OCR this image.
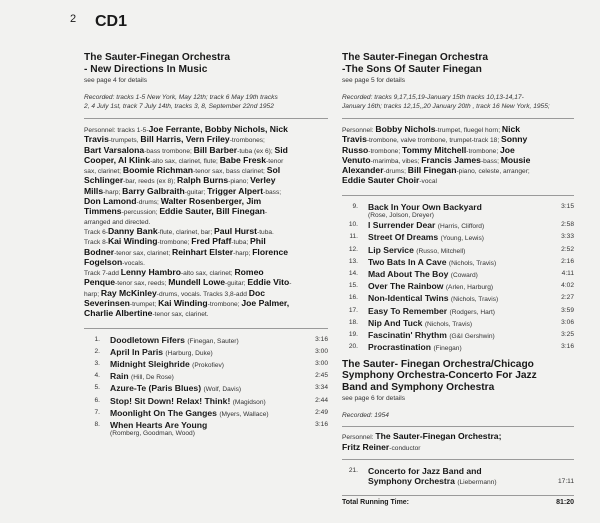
2 CD1
The Sauter-Finegan Orchestra
- New Directions In Music
see page 4 for details
Recorded: tracks 1-5 New York, May 12th; track 6 May 19th tracks
2, 4 July 1st, track 7 July 14th, tracks 3, 8, September 22nd 1952
Personnel: tracks 1-5-Joe Ferrante, Bobby Nichols, Nick
Travis-trumpets, Bill Harris, Vern Friley-trombones;
Bart Varsalona-bass trombone; Bill Barber-tuba (ex 6); Sid
Cooper, Al Klink-alto sax, clarinet, flute; Babe Fresk-tenor
sax, clarinet; Boomie Richman-tenor sax, bass clarinet; Sol
Schlinger-bar, reeds (ex 8); Ralph Burns-piano; Verley
Mills-harp; Barry Galbraith-guitar; Trigger Alpert-bass;
Don Lamond-drums; Walter Rosenberger, Jim
Timmens-percussion; Eddie Sauter, Bill Finegan-
arranged and directed.
Track 6-Danny Bank-flute, clarinet, bar; Paul Hurst-tuba.
Track 8-Kai Winding-trombone; Fred Pfaff-tuba; Phil
Bodner-tenor sax, clarinet; Reinhart Elster-harp; Florence
Fogelson-vocals.
Track 7-add Lenny Hambro-alto sax, clarinet; Romeo
Penque-tenor sax, reeds; Mundell Lowe-guitar; Eddie Vito-
harp; Ray McKinley-drums, vocals. Tracks 3,8-add Doc
Severinsen-trumpet; Kai Winding-trombone; Joe Palmer,
Charlie Albertine-tenor sax, clarinet.
1. Doodletown Fifers (Finegan, Sauter)	3:16
2. April In Paris (Harburg, Duke)	3:00
3. Midnight Sleighride (Prokofiev)	3:00
4. Rain (Hill, De Rose)	2:45
5. Azure-Te (Paris Blues) (Wolf, Davis)	3:34
6. Stop! Sit Down! Relax! Think! (Magidson)	2:44
7. Moonlight On The Ganges (Myers, Wallace)	2:49
8. When Hearts Are Young	3:16
(Romberg, Goodman, Wood)
The Sauter-Finegan Orchestra
-The Sons Of Sauter Finegan
see page 5 for details
Recorded: tracks 9,17,15,19-January 15th tracks 10,13-14,17-
January 16th; tracks 12,15,,20 January 20th , track 16 New York, 1955;
Personnel: Bobby Nichols-trumpet, fluegel horn; Nick
Travis-trombone, valve trombone, trumpet-track 18; Sonny
Russo-trombone; Tommy Mitchell-trombone; Joe
Venuto-marimba, vibes; Francis James-bass; Mousie
Alexander-drums; Bill Finegan-piano, celeste, arranger;
Eddie Sauter Choir-vocal
9. Back In Your Own Backyard	3:15
(Rose, Jolson, Dreyer)
10. I Surrender Dear (Harris, Clifford)	2:58
11. Street Of Dreams (Young, Lewis)	3:33
12. Lip Service (Russo, Mitchell)	2:52
13. Two Bats In A Cave (Nichols, Travis)	2:16
14. Mad About The Boy (Coward)	4:11
15. Over The Rainbow (Arlen, Harburg)	4:02
16. Non-Identical Twins (Nichols, Travis)	2:27
17. Easy To Remember (Rodgers, Hart)	3:59
18. Nip And Tuck (Nichols, Travis)	3:06
19. Fascinatin' Rhythm (G&I Gershwin)	3:25
20. Procrastination (Finegan)	3:16
The Sauter- Finegan Orchestra/Chicago
Symphony Orchestra-Concerto For Jazz
Band and Symphony Orchestra
see page 6 for details
Recorded: 1954
Personnel: The Sauter-Finegan Orchestra;
Fritz Reiner-conductor
21. Concerto for Jazz Band and
Symphony Orchestra (Liebermann)	17:11
Total Running Time:	81:20
